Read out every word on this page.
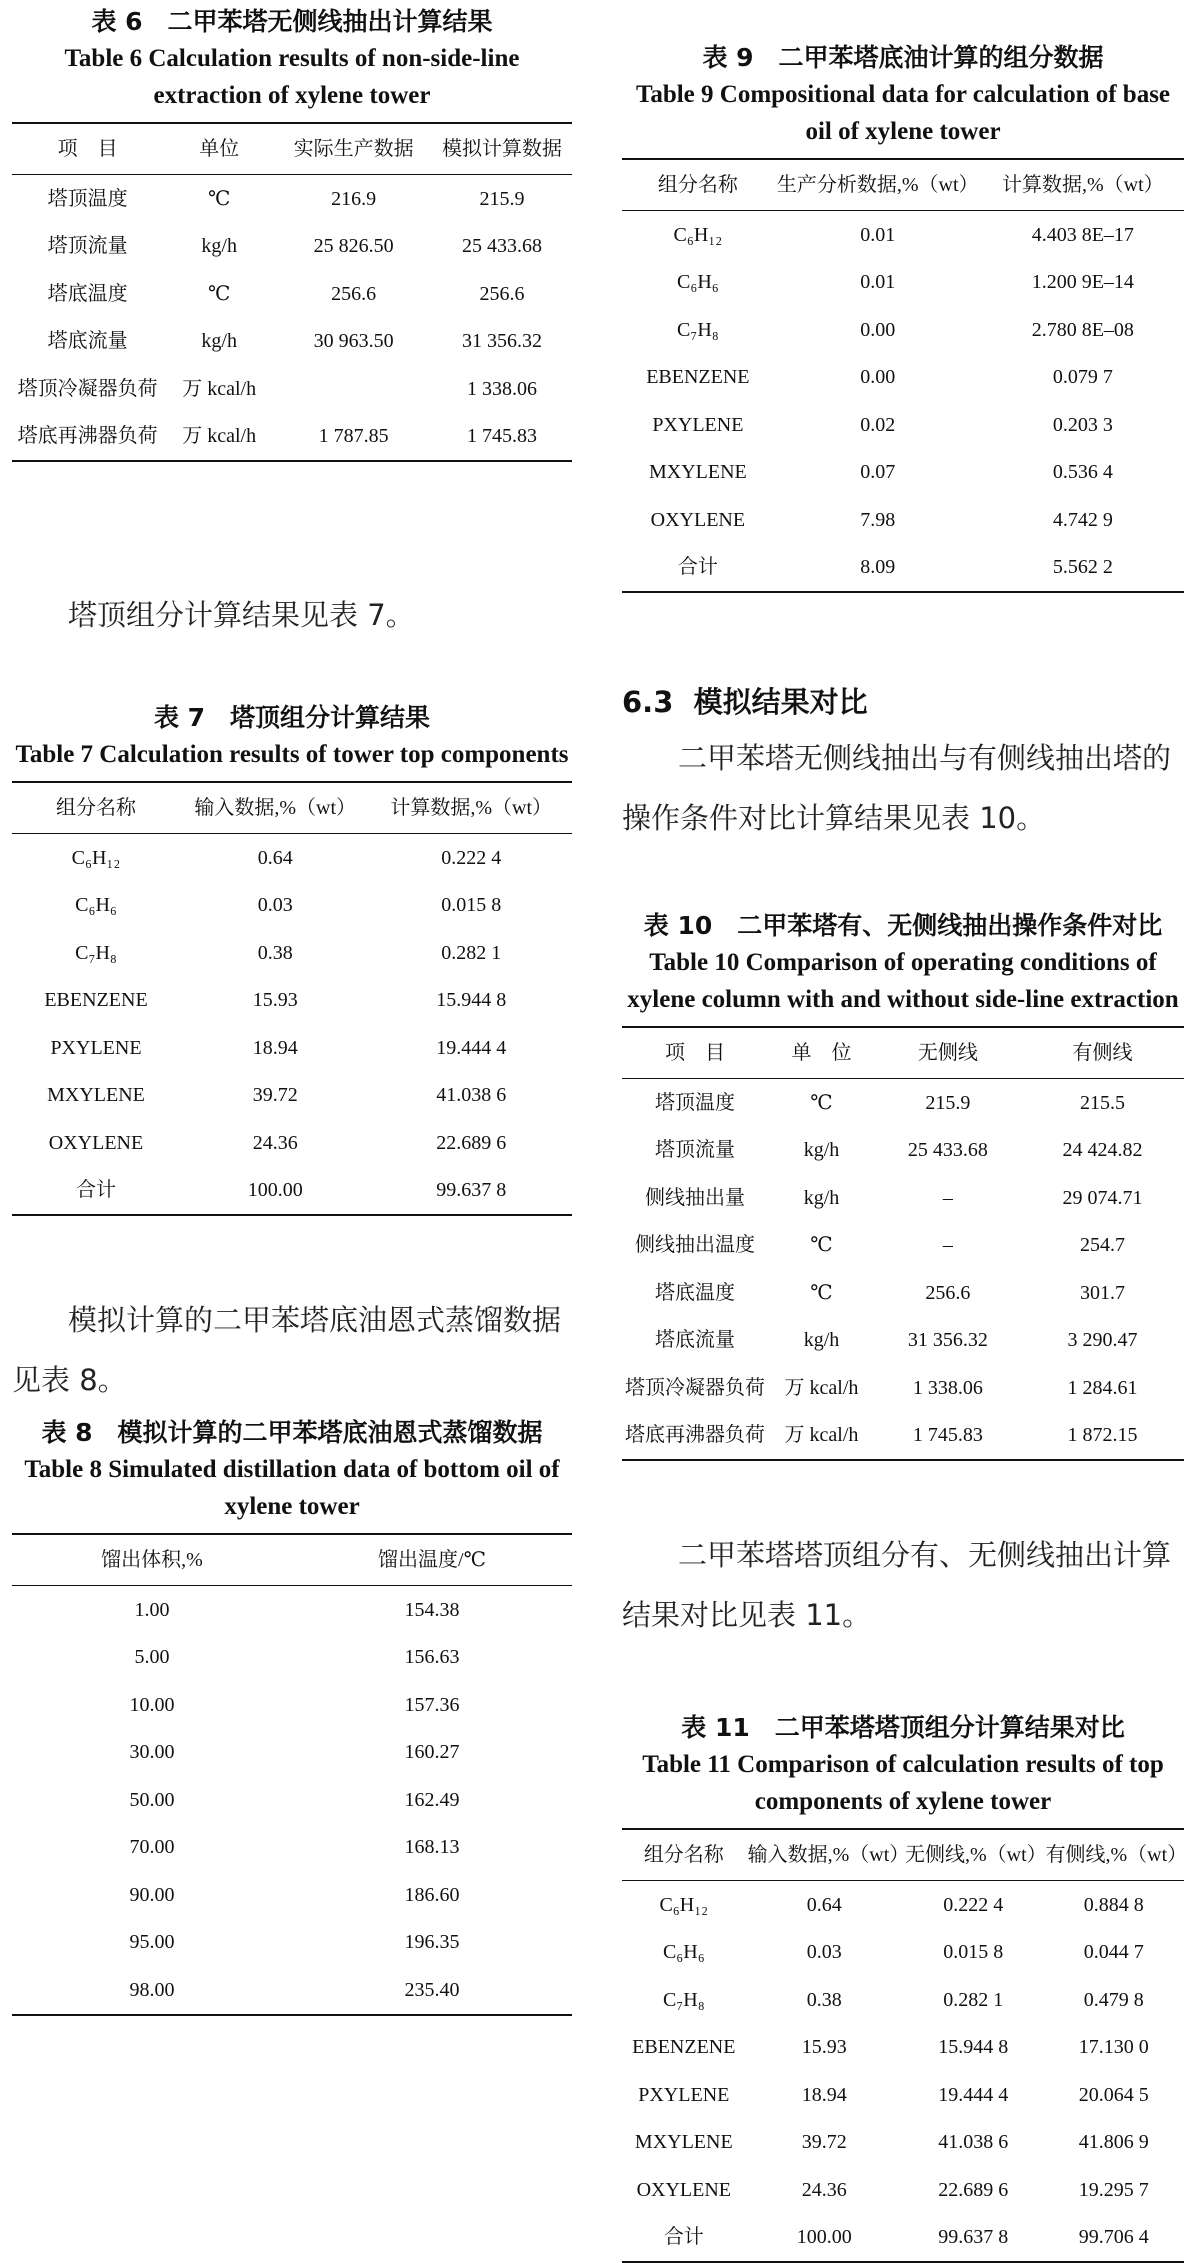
表 6　二甲苯塔无侧线抽出计算结果
Table 6 Calculation results of non-side-line extraction of xylene tower
项　目	单位	实际生产数据	模拟计算数据
塔顶温度	℃	216.9	215.9
塔顶流量	kg/h	25 826.50	25 433.68
塔底温度	℃	256.6	256.6
塔底流量	kg/h	30 963.50	31 356.32
塔顶冷凝器负荷	万 kcal/h		1 338.06
塔底再沸器负荷	万 kcal/h	1 787.85	1 745.83
塔顶组分计算结果见表 7。
表 7　塔顶组分计算结果
Table 7 Calculation results of tower top components
组分名称	输入数据,%（wt）	计算数据,%（wt）
C₆H₁₂	0.64	0.222 4
C₆H₆	0.03	0.015 8
C₇H₈	0.38	0.282 1
EBENZENE	15.93	15.944 8
PXYLENE	18.94	19.444 4
MXYLENE	39.72	41.038 6
OXYLENE	24.36	22.689 6
合计	100.00	99.637 8
模拟计算的二甲苯塔底油恩式蒸馏数据见表 8。
表 8　模拟计算的二甲苯塔底油恩式蒸馏数据
Table 8 Simulated distillation data of bottom oil of xylene tower
馏出体积,%	馏出温度/℃
1.00	154.38
5.00	156.63
10.00	157.36
30.00	160.27
50.00	162.49
70.00	168.13
90.00	186.60
95.00	196.35
98.00	235.40
表 9　二甲苯塔底油计算的组分数据
Table 9 Compositional data for calculation of base oil of xylene tower
组分名称	生产分析数据,%（wt）	计算数据,%（wt）
C₆H₁₂	0.01	4.403 8E–17
C₆H₆	0.01	1.200 9E–14
C₇H₈	0.00	2.780 8E–08
EBENZENE	0.00	0.079 7
PXYLENE	0.02	0.203 3
MXYLENE	0.07	0.536 4
OXYLENE	7.98	4.742 9
合计	8.09	5.562 2
6.3 模拟结果对比
二甲苯塔无侧线抽出与有侧线抽出塔的操作条件对比计算结果见表 10。
表 10　二甲苯塔有、无侧线抽出操作条件对比
Table 10 Comparison of operating conditions of xylene column with and without side-line extraction
项　目	单　位	无侧线	有侧线
塔顶温度	℃	215.9	215.5
塔顶流量	kg/h	25 433.68	24 424.82
侧线抽出量	kg/h	–	29 074.71
侧线抽出温度	℃	–	254.7
塔底温度	℃	256.6	301.7
塔底流量	kg/h	31 356.32	3 290.47
塔顶冷凝器负荷	万 kcal/h	1 338.06	1 284.61
塔底再沸器负荷	万 kcal/h	1 745.83	1 872.15
二甲苯塔塔顶组分有、无侧线抽出计算结果对比见表 11。
表 11　二甲苯塔塔顶组分计算结果对比
Table 11 Comparison of calculation results of top components of xylene tower
组分名称	输入数据,%（wt）	无侧线,%（wt）	有侧线,%（wt）
C₆H₁₂	0.64	0.222 4	0.884 8
C₆H₆	0.03	0.015 8	0.044 7
C₇H₈	0.38	0.282 1	0.479 8
EBENZENE	15.93	15.944 8	17.130 0
PXYLENE	18.94	19.444 4	20.064 5
MXYLENE	39.72	41.038 6	41.806 9
OXYLENE	24.36	22.689 6	19.295 7
合计	100.00	99.637 8	99.706 4
